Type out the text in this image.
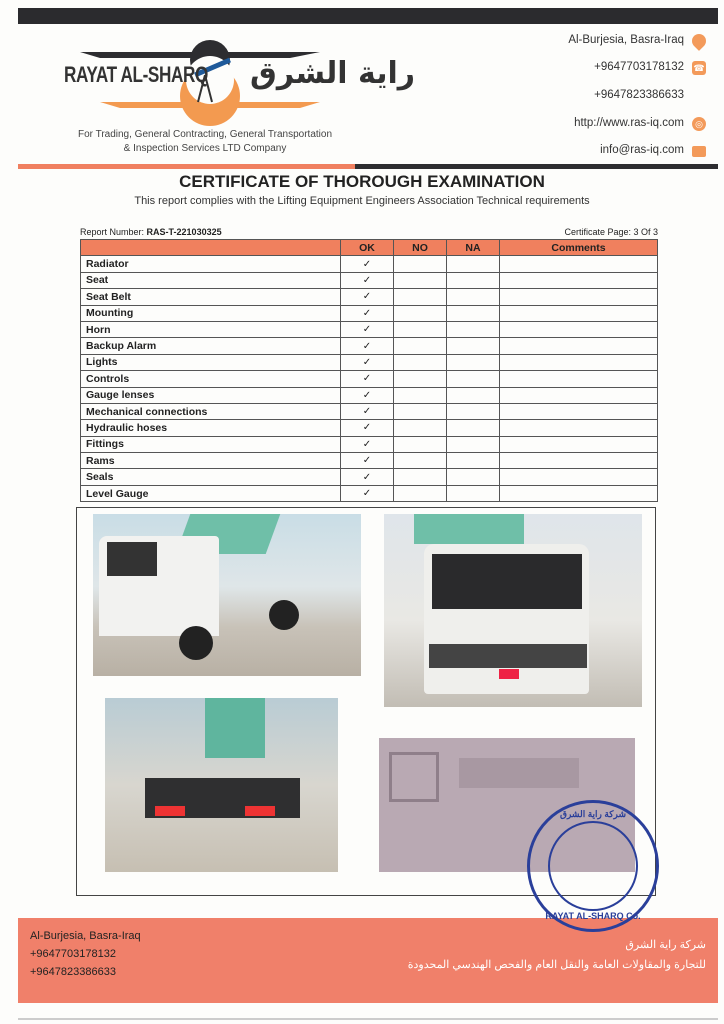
RAYAT AL-SHARQ راية الشرق
For Trading, General Contracting, General Transportation
& Inspection Services LTD Company
Al-Burjesia, Basra-Iraq
+9647703178132 ☎
+9647823386633
http://www.ras-iq.com	◎
info@ras-iq.com
CERTIFICATE OF THOROUGH EXAMINATION
This report complies with the Lifting Equipment Engineers Association Technical requirements
Report Number: RAS-T-221030325	Certificate Page: 3 Of 3
	OK	NO	NA	Comments
Radiator	✓			
Seat	✓			
Seat Belt	✓			
Mounting	✓			
Horn	✓			
Backup Alarm	✓			
Lights	✓			
Controls	✓			
Gauge lenses	✓			
Mechanical connections	✓			
Hydraulic hoses	✓			
Fittings	✓			
Rams	✓			
Seals	✓			
Level Gauge	✓			
Al-Burjesia, Basra-Iraq
+9647703178132
+9647823386633
شركة راية الشرق
للتجارة والمقاولات العامة والنقل العام والفحص الهندسي المحدودة
شركة راية الشرق
RAYAT AL-SHARQ Co.
